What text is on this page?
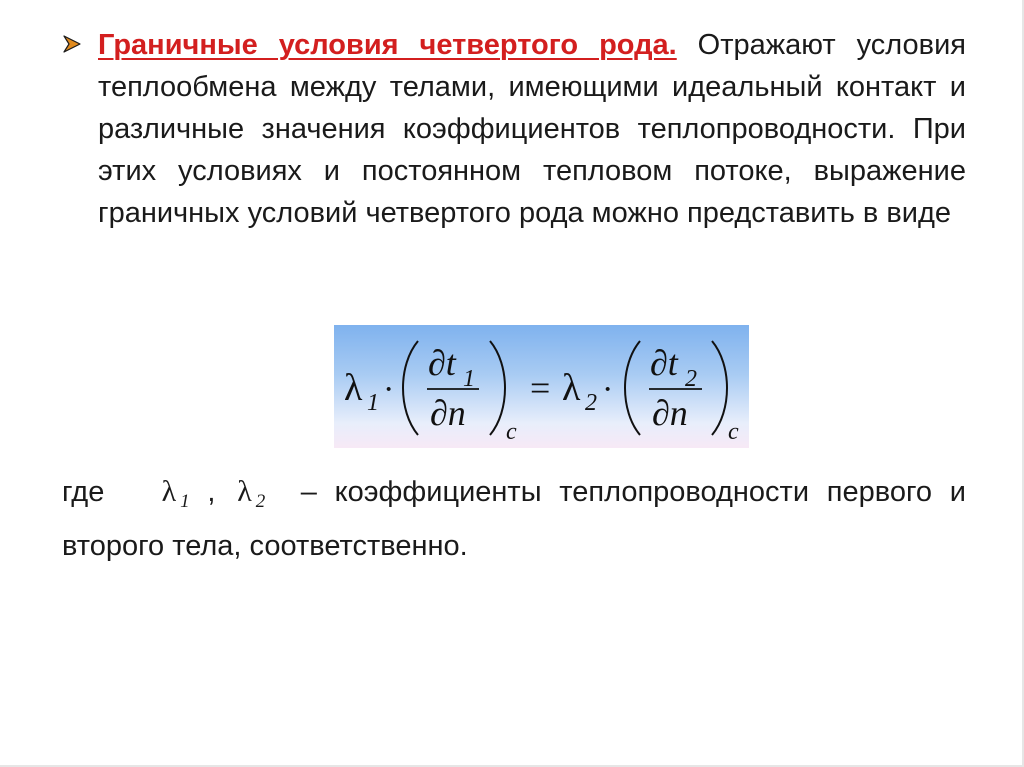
Граничные условия четвертого рода. Отражают условия теплообмена между телами, имеющими идеальный контакт и различные значения коэффициентов теплопроводности. При этих условиях и постоянном тепловом потоке, выражение граничных условий четвертого рода можно представить в виде

λ 1 ·
∂t 1
∂n c
= λ 2 ·
∂t 2
∂n c

где λ $_1$ , λ $_2$ – коэффициенты теплопроводности первого и второго тела, соответственно.
